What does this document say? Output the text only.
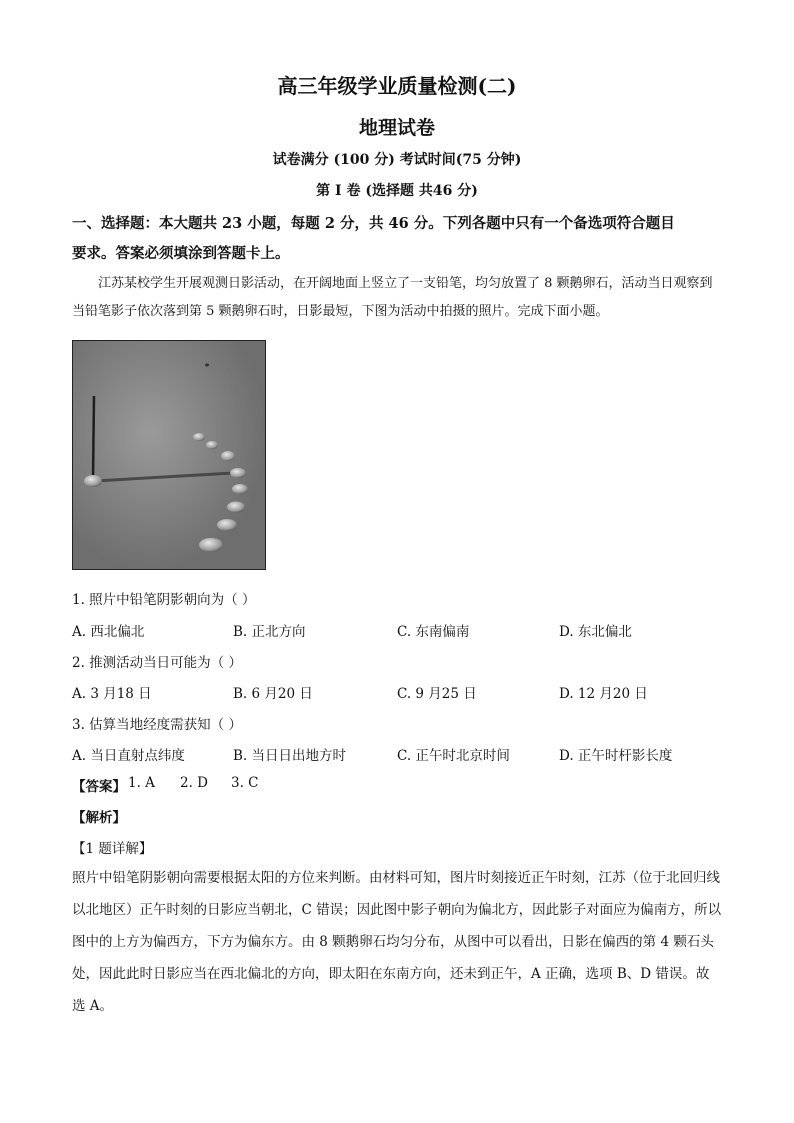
高三年级学业质量检测(二)
地理试卷
试卷满分 (100 分) 考试时间(75 分钟)
第 I 卷 (选择题 共46 分)
一、选择题：本大题共 23 小题，每题 2 分，共 46 分。下列各题中只有一个备选项符合题目
要求。答案必须填涂到答题卡上。
江苏某校学生开展观测日影活动，在开阔地面上竖立了一支铅笔，均匀放置了 8 颗鹅卵石，活动当日观察到当铅笔影子依次落到第 5 颗鹅卵石时，日影最短，下图为活动中拍摄的照片。完成下面小题。
1. 照片中铅笔阴影朝向为（ ）
A. 西北偏北	B. 正北方向	C. 东南偏南	D. 东北偏北
2. 推测活动当日可能为（ ）
A. 3 月18 日	B. 6 月20 日	C. 9 月25 日	D. 12 月20 日
3. 估算当地经度需获知（ ）
A. 当日直射点纬度	B. 当日日出地方时	C. 正午时北京时间	D. 正午时杆影长度
【答案】 1. A 2. D 3. C
【解析】
【1 题详解】
照片中铅笔阴影朝向需要根据太阳的方位来判断。由材料可知，图片时刻接近正午时刻，江苏（位于北回归线以北地区）正午时刻的日影应当朝北，C 错误；因此图中影子朝向为偏北方，因此影子对面应为偏南方，所以图中的上方为偏西方，下方为偏东方。由 8 颗鹅卵石均匀分布，从图中可以看出，日影在偏西的第 4 颗石头处，因此此时日影应当在西北偏北的方向，即太阳在东南方向，还未到正午，A 正确，选项 B、D 错误。故选 A。
